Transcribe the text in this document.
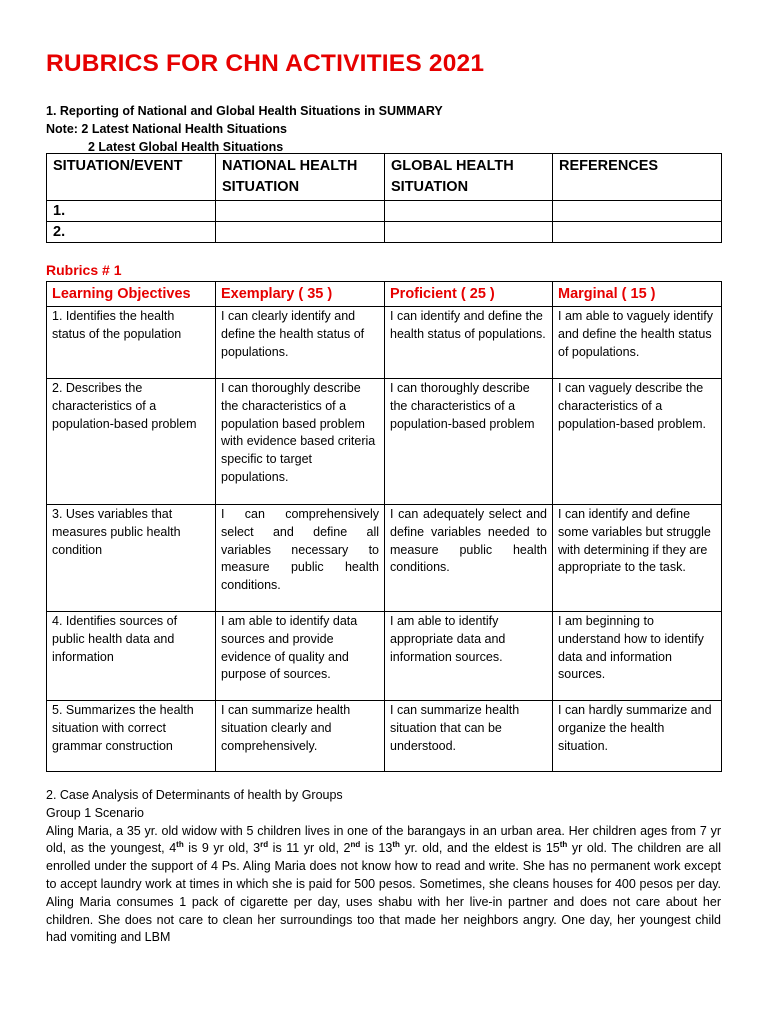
RUBRICS FOR CHN ACTIVITIES 2021
1. Reporting of National and Global Health Situations in SUMMARY
Note: 2 Latest National Health Situations
2 Latest Global Health Situations
SITUATION/EVENT	NATIONAL HEALTH SITUATION	GLOBAL HEALTH SITUATION	REFERENCES
1.			
2.			
Rubrics # 1
Learning Objectives	Exemplary ( 35 )	Proficient ( 25 )	Marginal ( 15 )
1. Identifies the health status of the population	I can clearly identify and define the health status of populations.	I can identify and define the health status of populations.	I am able to vaguely identify and define the health status of populations.
2. Describes the characteristics of a population-based problem	I can thoroughly describe the characteristics of a population based problem with evidence based criteria specific to target populations.	I can thoroughly describe the characteristics of a population-based problem	I can vaguely describe the characteristics of a population-based problem.
3. Uses variables that measures public health condition	I can comprehensively select and define all variables necessary to measure public health conditions.	I can adequately select and define variables needed to measure public health conditions.	I can identify and define some variables but struggle with determining if they are appropriate to the task.
4. Identifies sources of public health data and information	I am able to identify data sources and provide evidence of quality and purpose of sources.	I am able to identify appropriate data and information sources.	I am beginning to understand how to identify data and information sources.
5. Summarizes the health situation with correct grammar construction	I can summarize health situation clearly and comprehensively.	I can summarize health situation that can be understood.	I can hardly summarize and organize the health situation.
2. Case Analysis of Determinants of health by Groups
Group 1 Scenario

Aling Maria, a 35 yr. old widow with 5 children lives in one of the barangays in an urban area. Her children ages from 7 yr old, as the youngest, 4th is 9 yr old, 3rd is 11 yr old, 2nd is 13th yr. old, and the eldest is 15th yr old. The children are all enrolled under the support of 4 Ps. Aling Maria does not know how to read and write. She has no permanent work except to accept laundry work at times in which she is paid for 500 pesos. Sometimes, she cleans houses for 400 pesos per day. Aling Maria consumes 1 pack of cigarette per day, uses shabu with her live-in partner and does not care about her children. She does not care to clean her surroundings too that made her neighbors angry. One day, her youngest child had vomiting and LBM
